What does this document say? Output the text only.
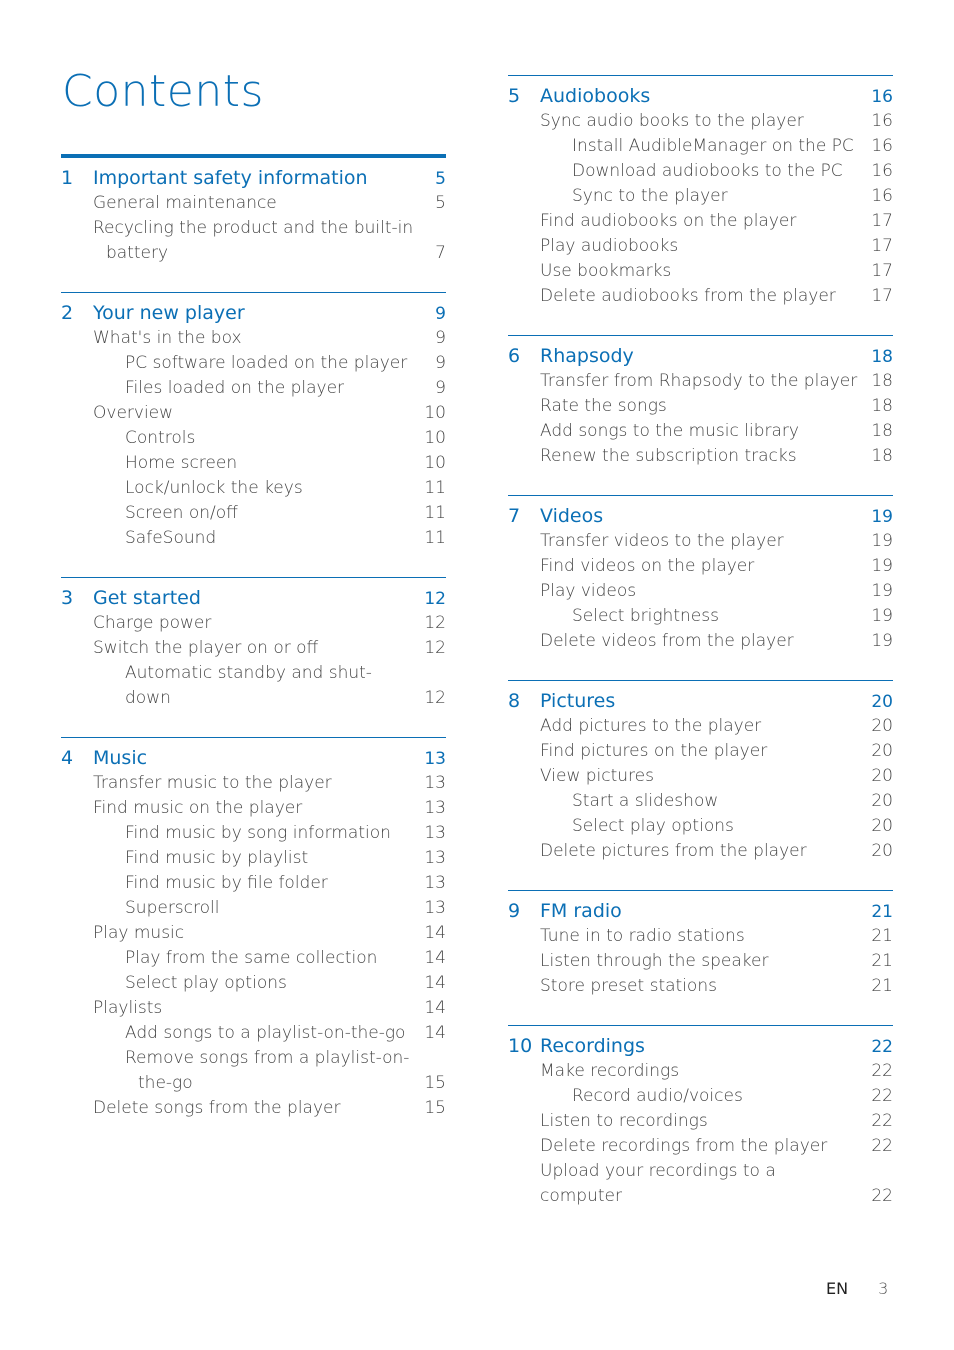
Contents
1	Important safety information	5
General maintenance	5
Recycling the product and the built-in
battery	7
2	Your new player	9
What's in the box	9
PC software loaded on the player	9
Files loaded on the player	9
Overview	10
Controls	10
Home screen	10
Lock/unlock the keys	11
Screen on/off	11
SafeSound	11
3	Get started	12
Charge power	12
Switch the player on or off	12
Automatic standby and shut-down	12
4	Music	13
Transfer music to the player	13
Find music on the player	13
Find music by song information	13
Find music by playlist	13
Find music by file folder	13
Superscroll	13
Play music	14
Play from the same collection	14
Select play options	14
Playlists	14
Add songs to a playlist-on-the-go	14
Remove songs from a playlist-on-
the-go	15
Delete songs from the player	15
5	Audiobooks	16
Sync audio books to the player	16
Install AudibleManager on the PC	16
Download audiobooks to the PC	16
Sync to the player	16
Find audiobooks on the player	17
Play audiobooks	17
Use bookmarks	17
Delete audiobooks from the player	17
6	Rhapsody	18
Transfer from Rhapsody to the player 18
Rate the songs	18
Add songs to the music library	18
Renew the subscription tracks	18
7	Videos	19
Transfer videos to the player	19
Find videos on the player	19
Play videos	19
Select brightness	19
Delete videos from the player	19
8	Pictures	20
Add pictures to the player	20
Find pictures on the player	20
View pictures	20
Start a slideshow	20
Select play options	20
Delete pictures from the player	20
9	FM radio	21
Tune in to radio stations	21
Listen through the speaker	21
Store preset stations	21
10 Recordings	22
Make recordings	22
Record audio/voices	22
Listen to recordings	22
Delete recordings from the player	22
Upload your recordings to a computer	22
EN 3
